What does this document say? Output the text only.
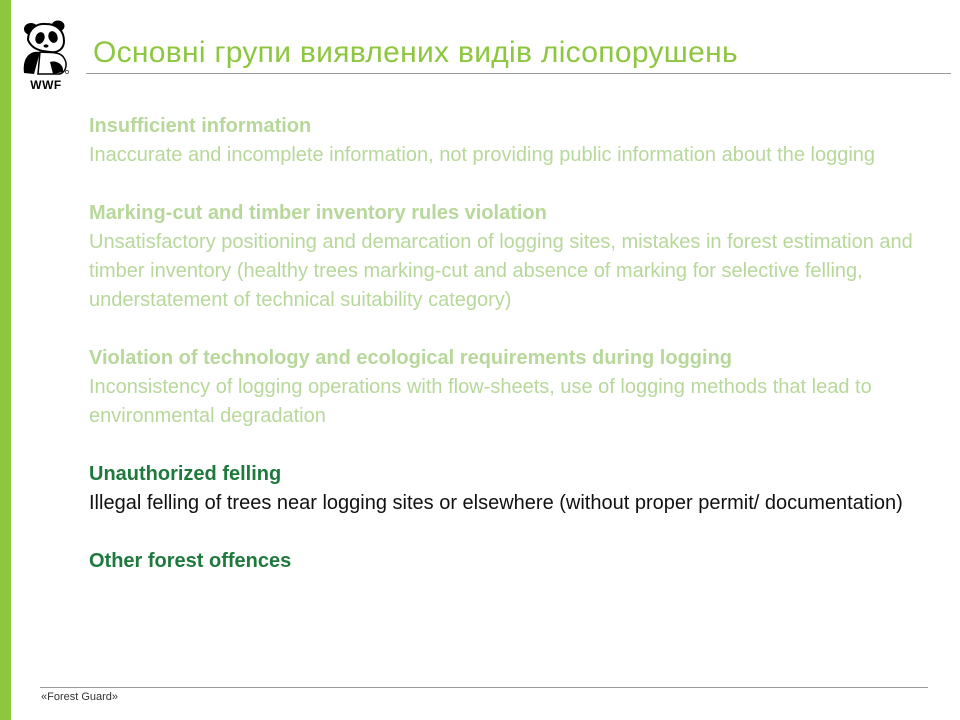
WWF
Основні групи виявлених видів лісопорушень
Insufficient information
Inaccurate and incomplete information, not providing public information about the logging
Marking-cut and timber inventory rules violation
Unsatisfactory positioning and demarcation of logging sites, mistakes in forest estimation and timber inventory (healthy trees marking-cut and absence of marking for selective felling, understatement of technical suitability category)
Violation of technology and ecological requirements during logging
Inconsistency of logging operations with flow-sheets, use of logging methods that lead to environmental degradation
Unauthorized felling
Illegal felling of trees near logging sites or elsewhere (without proper permit/ documentation)
Other forest offences
«Forest Guard»
